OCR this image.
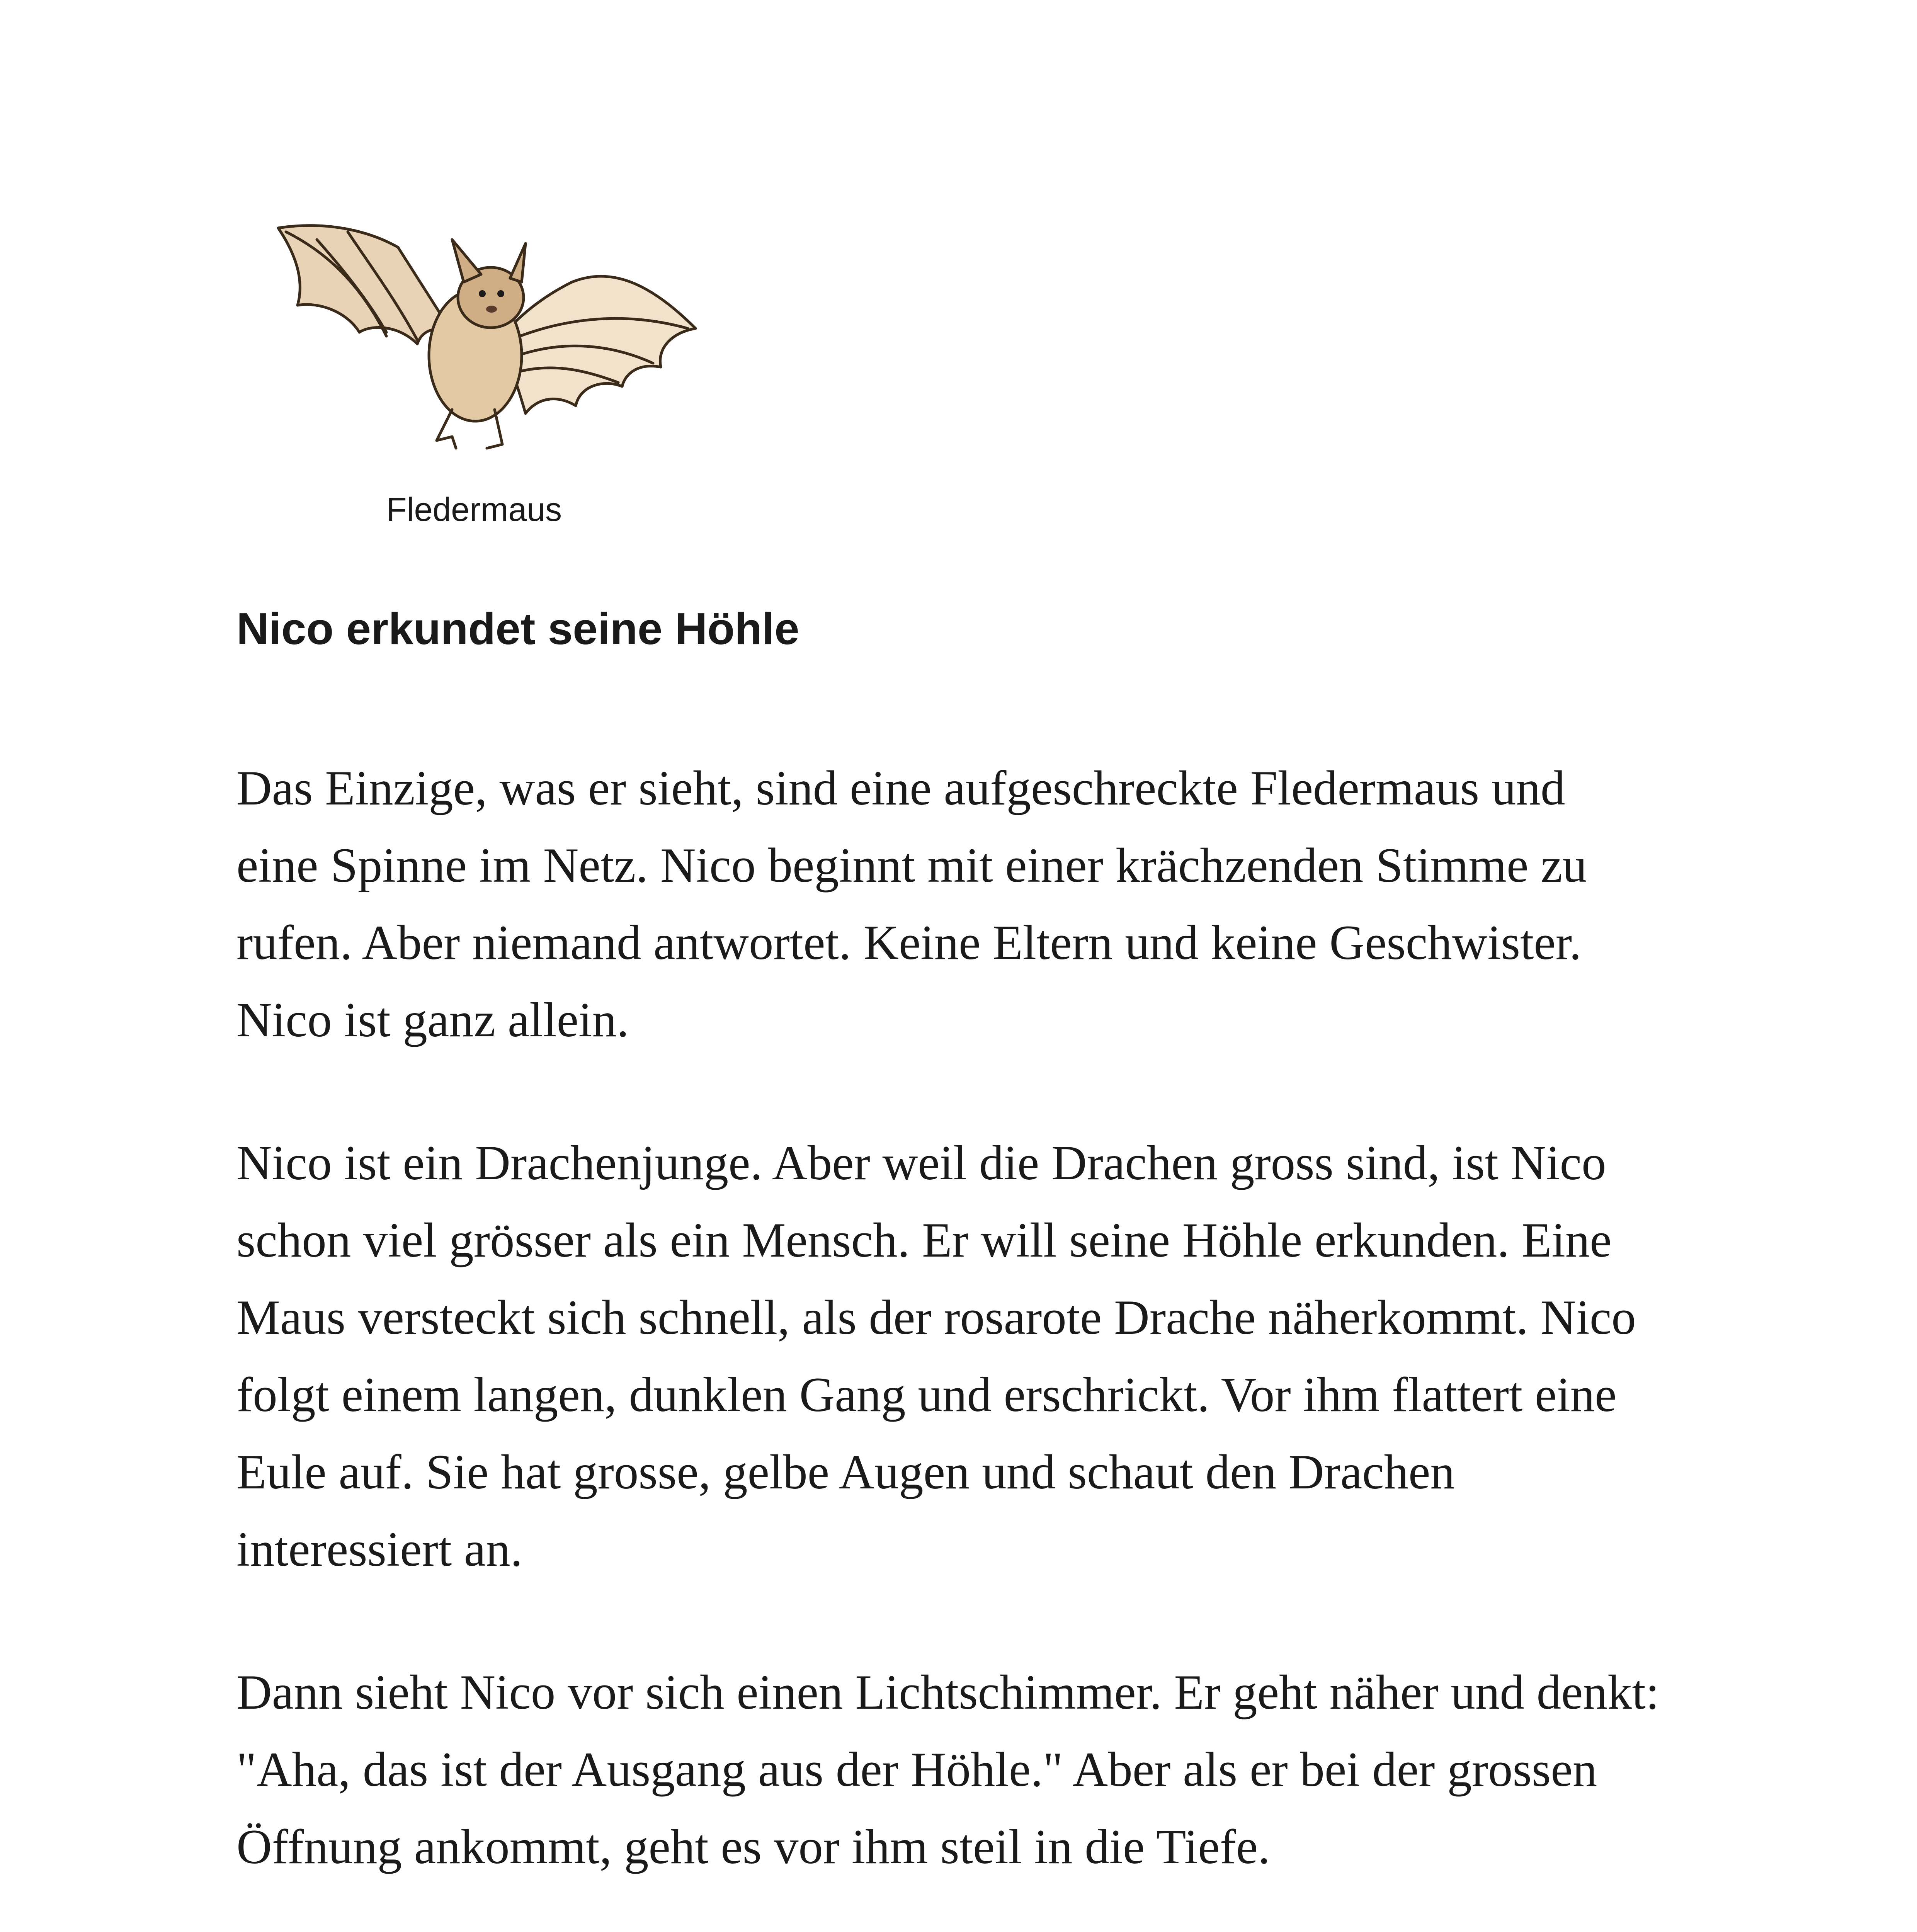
Fledermaus
Nico erkundet seine Höhle

Das Einzige, was er sieht, sind eine aufgeschreckte Fledermaus und
eine Spinne im Netz. Nico beginnt mit einer krächzenden Stimme zu
rufen. Aber niemand antwortet. Keine Eltern und keine Geschwister.
Nico ist ganz allein.

Nico ist ein Drachenjunge. Aber weil die Drachen gross sind, ist Nico
schon viel grösser als ein Mensch. Er will seine Höhle erkunden. Eine
Maus versteckt sich schnell, als der rosarote Drache näherkommt. Nico
folgt einem langen, dunklen Gang und erschrickt. Vor ihm flattert eine
Eule auf. Sie hat grosse, gelbe Augen und schaut den Drachen
interessiert an.

Dann sieht Nico vor sich einen Lichtschimmer. Er geht näher und denkt:
"Aha, das ist der Ausgang aus der Höhle." Aber als er bei der grossen
Öffnung ankommt, geht es vor ihm steil in die Tiefe.
